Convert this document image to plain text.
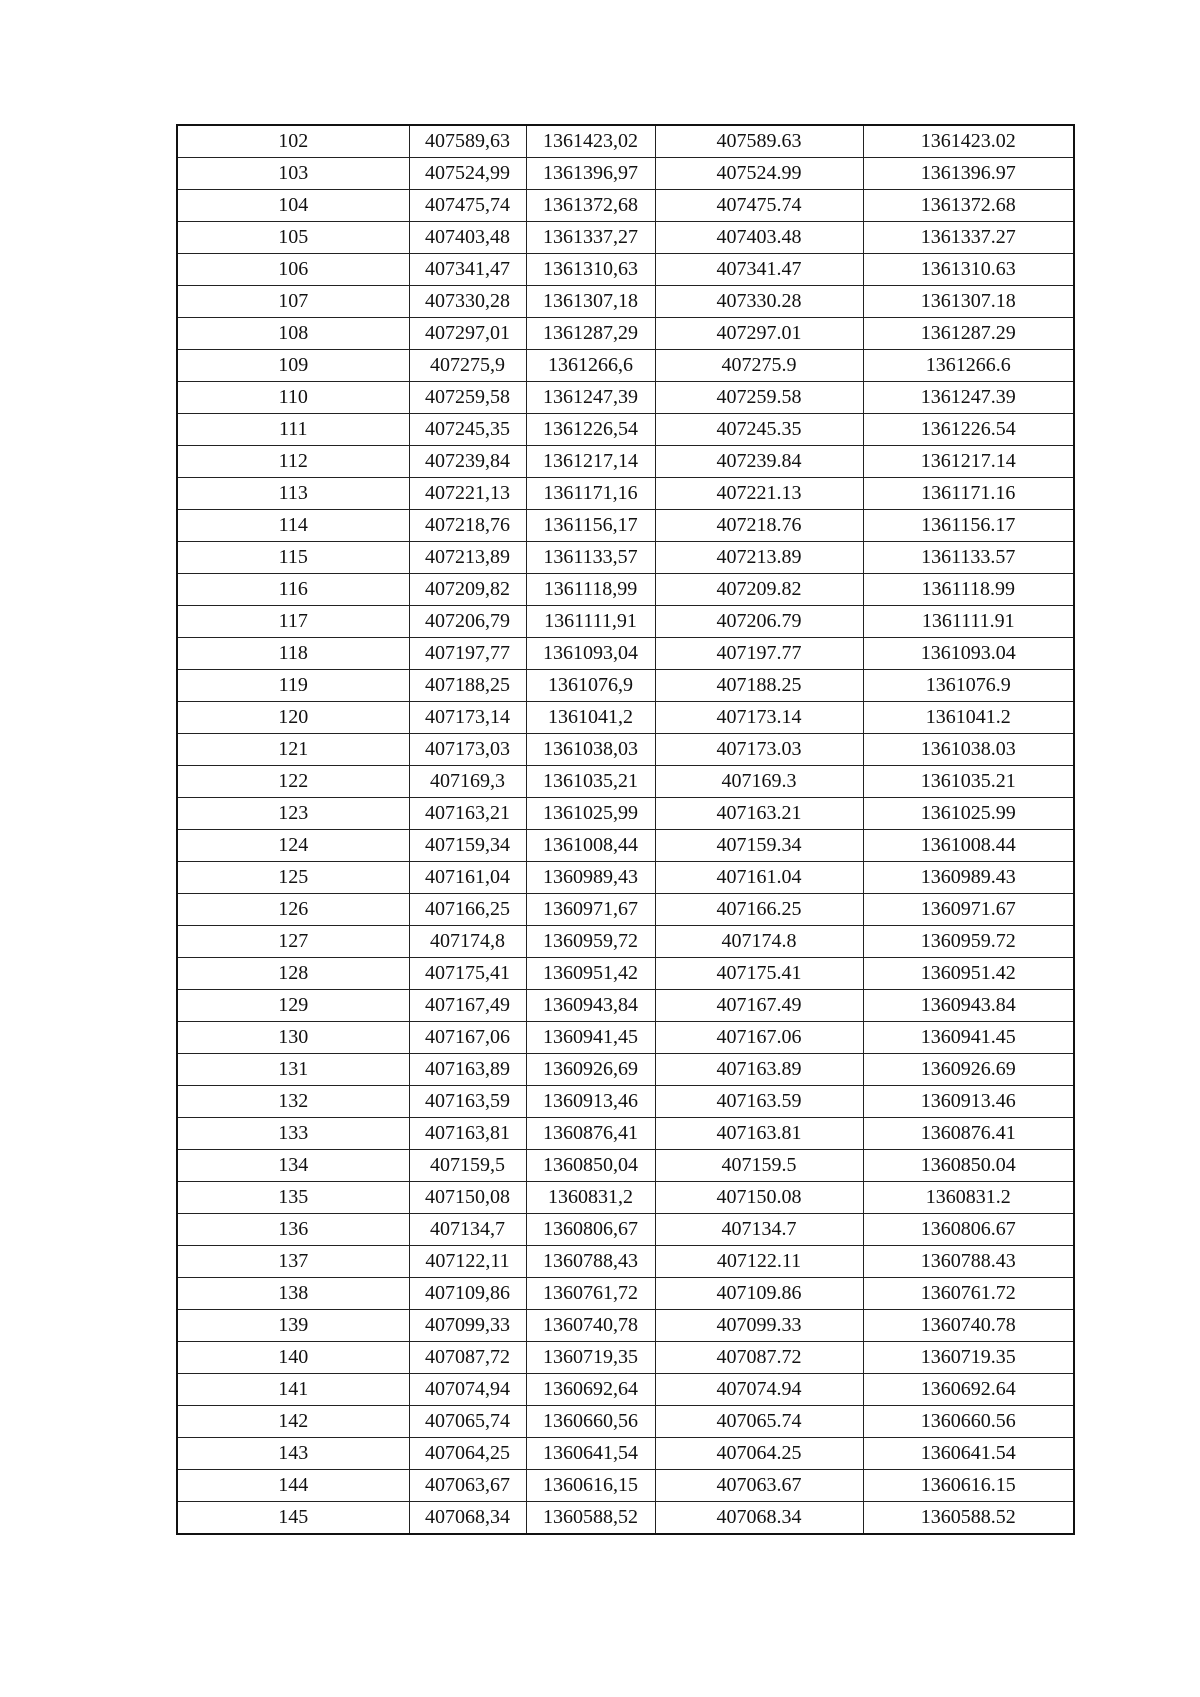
102	407589,63	1361423,02	407589.63	1361423.02
103	407524,99	1361396,97	407524.99	1361396.97
104	407475,74	1361372,68	407475.74	1361372.68
105	407403,48	1361337,27	407403.48	1361337.27
106	407341,47	1361310,63	407341.47	1361310.63
107	407330,28	1361307,18	407330.28	1361307.18
108	407297,01	1361287,29	407297.01	1361287.29
109	407275,9	1361266,6	407275.9	1361266.6
110	407259,58	1361247,39	407259.58	1361247.39
111	407245,35	1361226,54	407245.35	1361226.54
112	407239,84	1361217,14	407239.84	1361217.14
113	407221,13	1361171,16	407221.13	1361171.16
114	407218,76	1361156,17	407218.76	1361156.17
115	407213,89	1361133,57	407213.89	1361133.57
116	407209,82	1361118,99	407209.82	1361118.99
117	407206,79	1361111,91	407206.79	1361111.91
118	407197,77	1361093,04	407197.77	1361093.04
119	407188,25	1361076,9	407188.25	1361076.9
120	407173,14	1361041,2	407173.14	1361041.2
121	407173,03	1361038,03	407173.03	1361038.03
122	407169,3	1361035,21	407169.3	1361035.21
123	407163,21	1361025,99	407163.21	1361025.99
124	407159,34	1361008,44	407159.34	1361008.44
125	407161,04	1360989,43	407161.04	1360989.43
126	407166,25	1360971,67	407166.25	1360971.67
127	407174,8	1360959,72	407174.8	1360959.72
128	407175,41	1360951,42	407175.41	1360951.42
129	407167,49	1360943,84	407167.49	1360943.84
130	407167,06	1360941,45	407167.06	1360941.45
131	407163,89	1360926,69	407163.89	1360926.69
132	407163,59	1360913,46	407163.59	1360913.46
133	407163,81	1360876,41	407163.81	1360876.41
134	407159,5	1360850,04	407159.5	1360850.04
135	407150,08	1360831,2	407150.08	1360831.2
136	407134,7	1360806,67	407134.7	1360806.67
137	407122,11	1360788,43	407122.11	1360788.43
138	407109,86	1360761,72	407109.86	1360761.72
139	407099,33	1360740,78	407099.33	1360740.78
140	407087,72	1360719,35	407087.72	1360719.35
141	407074,94	1360692,64	407074.94	1360692.64
142	407065,74	1360660,56	407065.74	1360660.56
143	407064,25	1360641,54	407064.25	1360641.54
144	407063,67	1360616,15	407063.67	1360616.15
145	407068,34	1360588,52	407068.34	1360588.52
